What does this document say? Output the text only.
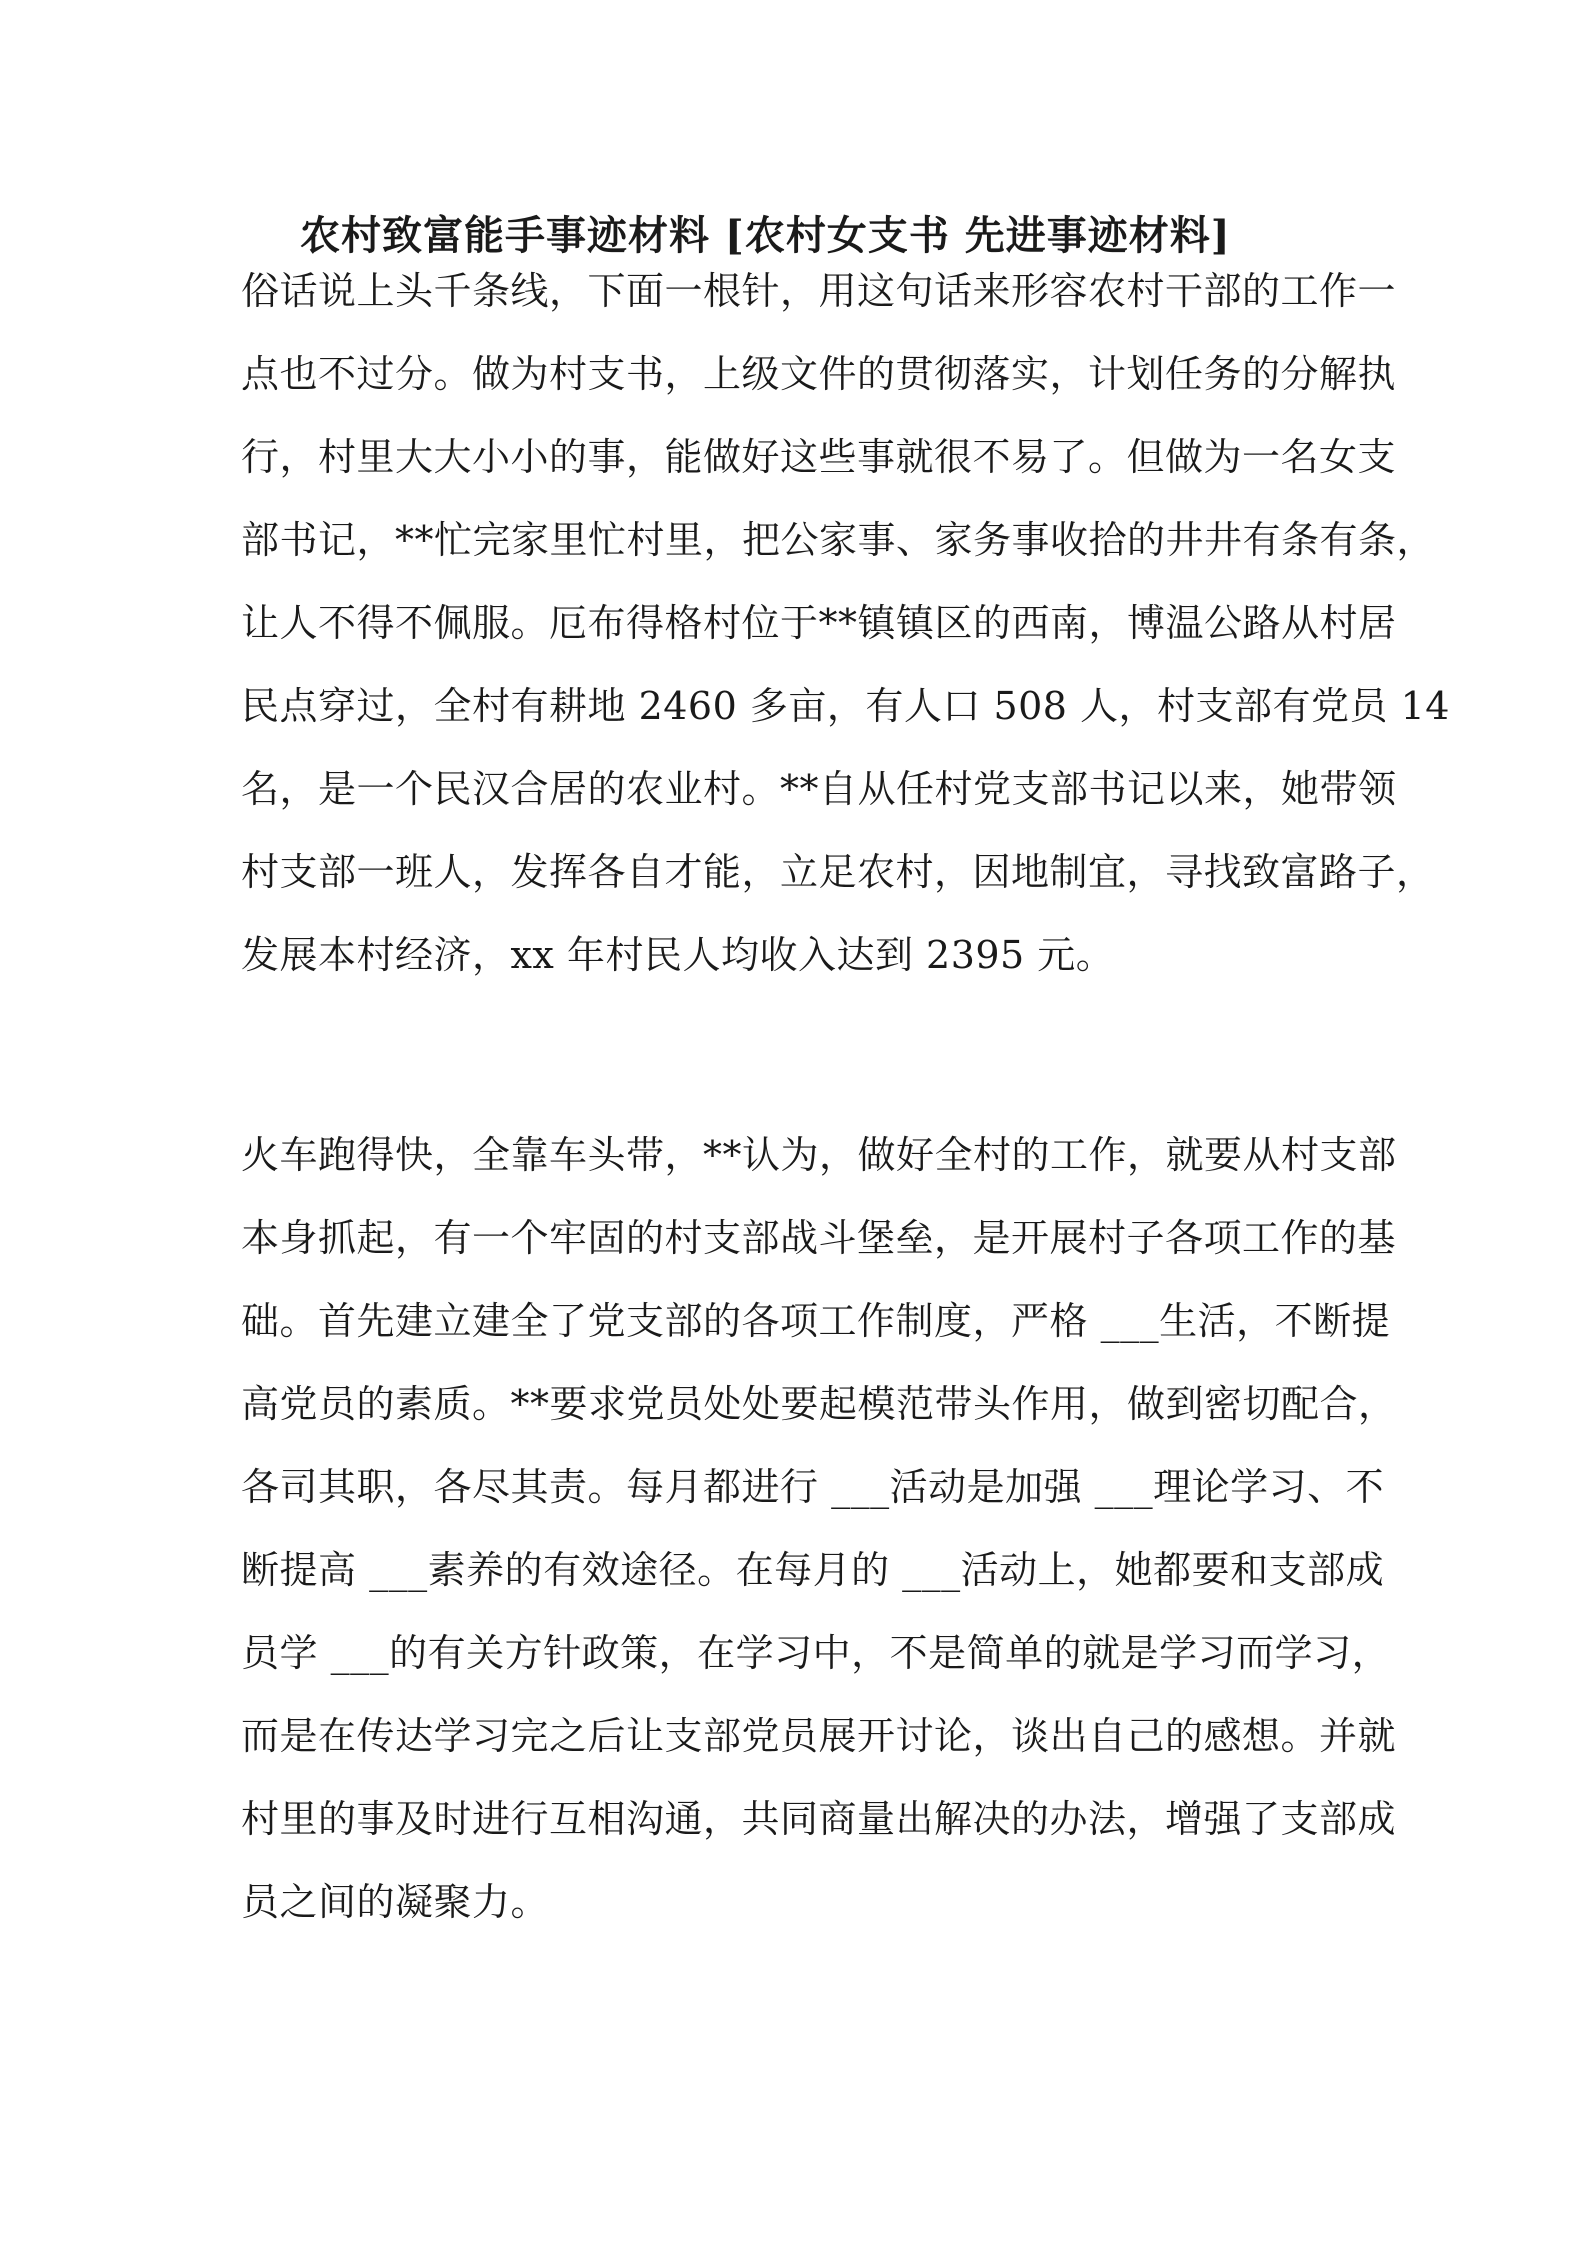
农村致富能手事迹材料 [农村女支书 先进事迹材料]

俗话说上头千条线，下面一根针，用这句话来形容农村干部的工作一

点也不过分。做为村支书，上级文件的贯彻落实，计划任务的分解执

行，村里大大小小的事，能做好这些事就很不易了。但做为一名女支

部书记，**忙完家里忙村里，把公家事、家务事收拾的井井有条有条，

让人不得不佩服。厄布得格村位于**镇镇区的西南，博温公路从村居

民点穿过，全村有耕地 2460 多亩，有人口 508 人，村支部有党员 14

名，是一个民汉合居的农业村。**自从任村党支部书记以来，她带领

村支部一班人，发挥各自才能，立足农村，因地制宜，寻找致富路子，

发展本村经济，xx 年村民人均收入达到 2395 元。

火车跑得快，全靠车头带，**认为，做好全村的工作，就要从村支部

本身抓起，有一个牢固的村支部战斗堡垒，是开展村子各项工作的基

础。首先建立建全了党支部的各项工作制度，严格 ___生活，不断提

高党员的素质。**要求党员处处要起模范带头作用，做到密切配合，

各司其职，各尽其责。每月都进行 ___活动是加强 ___理论学习、不

断提高 ___素养的有效途径。在每月的 ___活动上，她都要和支部成

员学 ___的有关方针政策，在学习中，不是简单的就是学习而学习，

而是在传达学习完之后让支部党员展开讨论，谈出自己的感想。并就

村里的事及时进行互相沟通，共同商量出解决的办法，增强了支部成

员之间的凝聚力。
